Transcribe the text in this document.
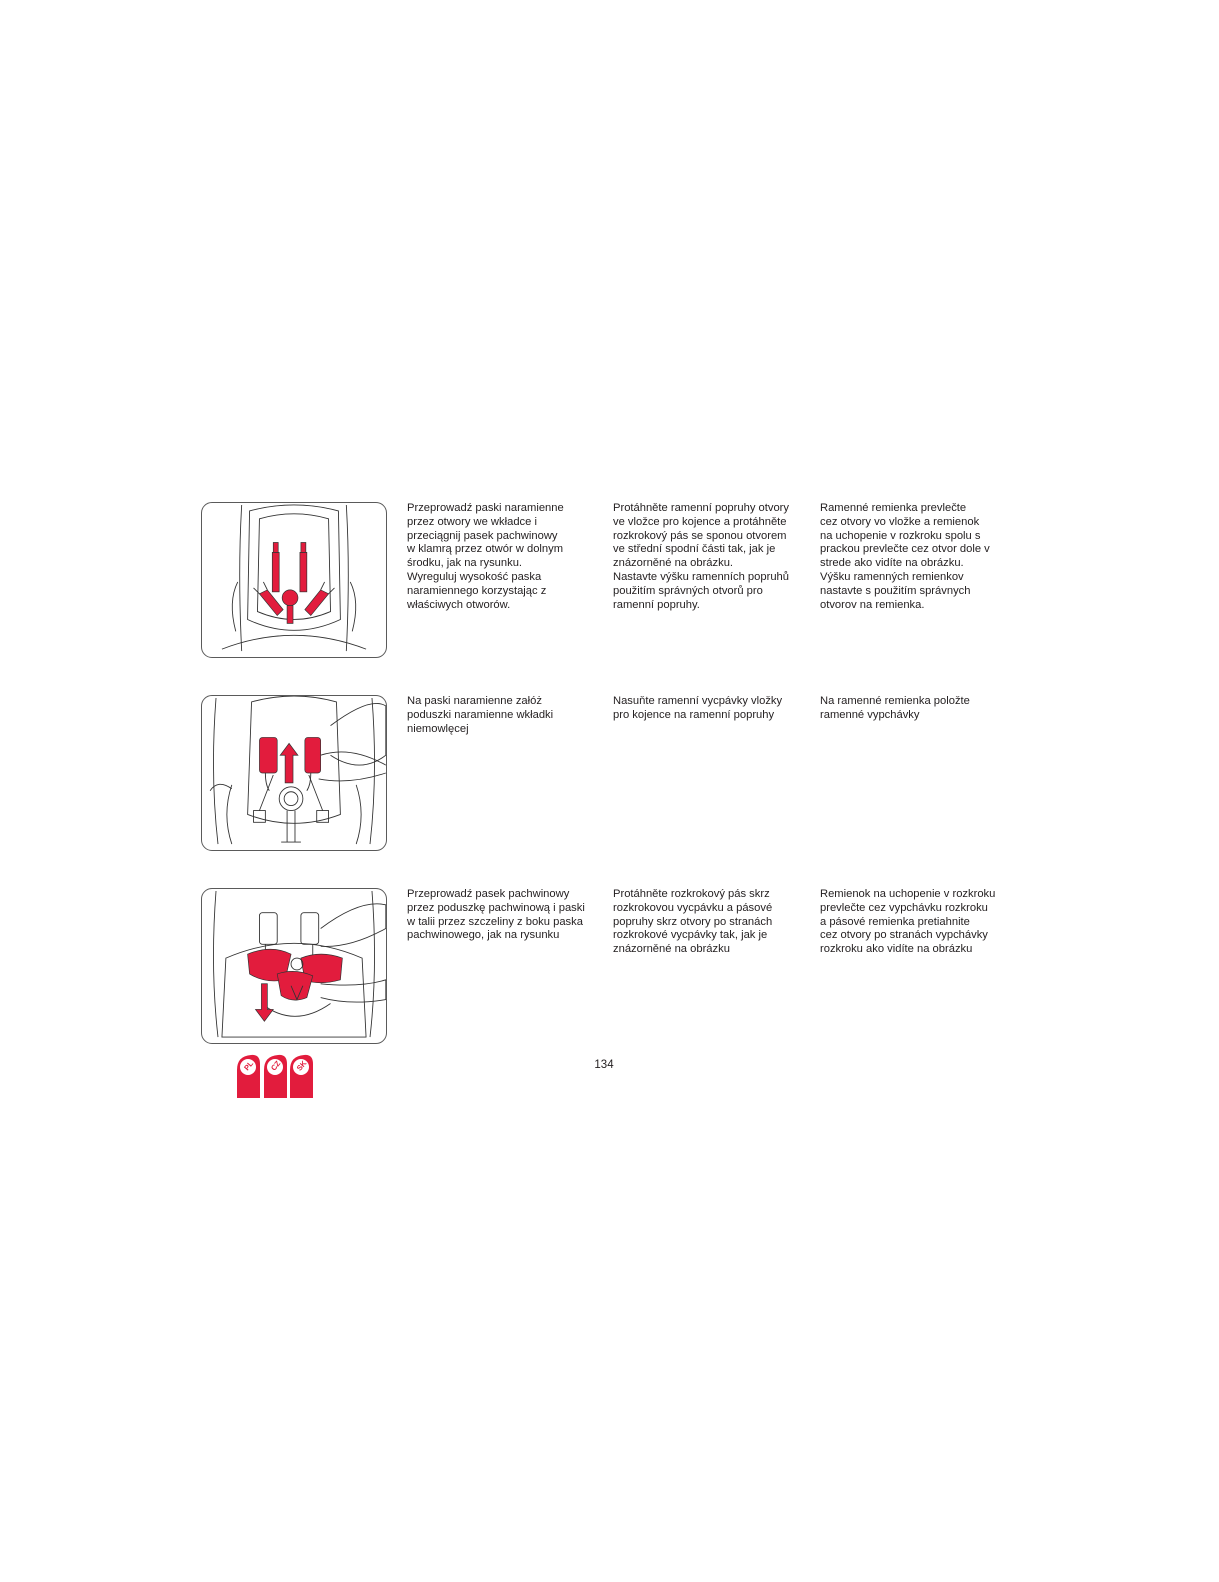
Przeprowadź paski naramienne
przez otwory we wkładce i
przeciągnij pasek pachwinowy
w klamrą przez otwór w dolnym
środku, jak na rysunku.
Wyreguluj wysokość paska
naramiennego korzystając z
właściwych otworów.
Protáhněte ramenní popruhy otvory
ve vložce pro kojence a protáhněte
rozkrokový pás se sponou otvorem
ve střední spodní části tak, jak je
znázorněné na obrázku.
Nastavte výšku ramenních popruhů
použitím správných otvorů pro
ramenní popruhy.
Ramenné remienka prevlečte
cez otvory vo vložke a remienok
na uchopenie v rozkroku spolu s
prackou prevlečte cez otvor dole v
strede ako vidíte na obrázku.
Výšku ramenných remienkov
nastavte s použitím správnych
otvorov na remienka.
Na paski naramienne załóż
poduszki naramienne wkładki
niemowlęcej
Nasuňte ramenní vycpávky vložky
pro kojence na ramenní popruhy
Na ramenné remienka položte
ramenné vypchávky
Przeprowadź pasek pachwinowy
przez poduszkę pachwinową i paski
w talii przez szczeliny z boku paska
pachwinowego, jak na rysunku
Protáhněte rozkrokový pás skrz
rozkrokovou vycpávku a pásové
popruhy skrz otvory po stranách
rozkrokové vycpávky tak, jak je
znázorněné na obrázku
Remienok na uchopenie v rozkroku
prevlečte cez vypchávku rozkroku
a pásové remienka pretiahnite
cez otvory po stranách vypchávky
rozkroku ako vidíte na obrázku
PL	CZ	SK	134
